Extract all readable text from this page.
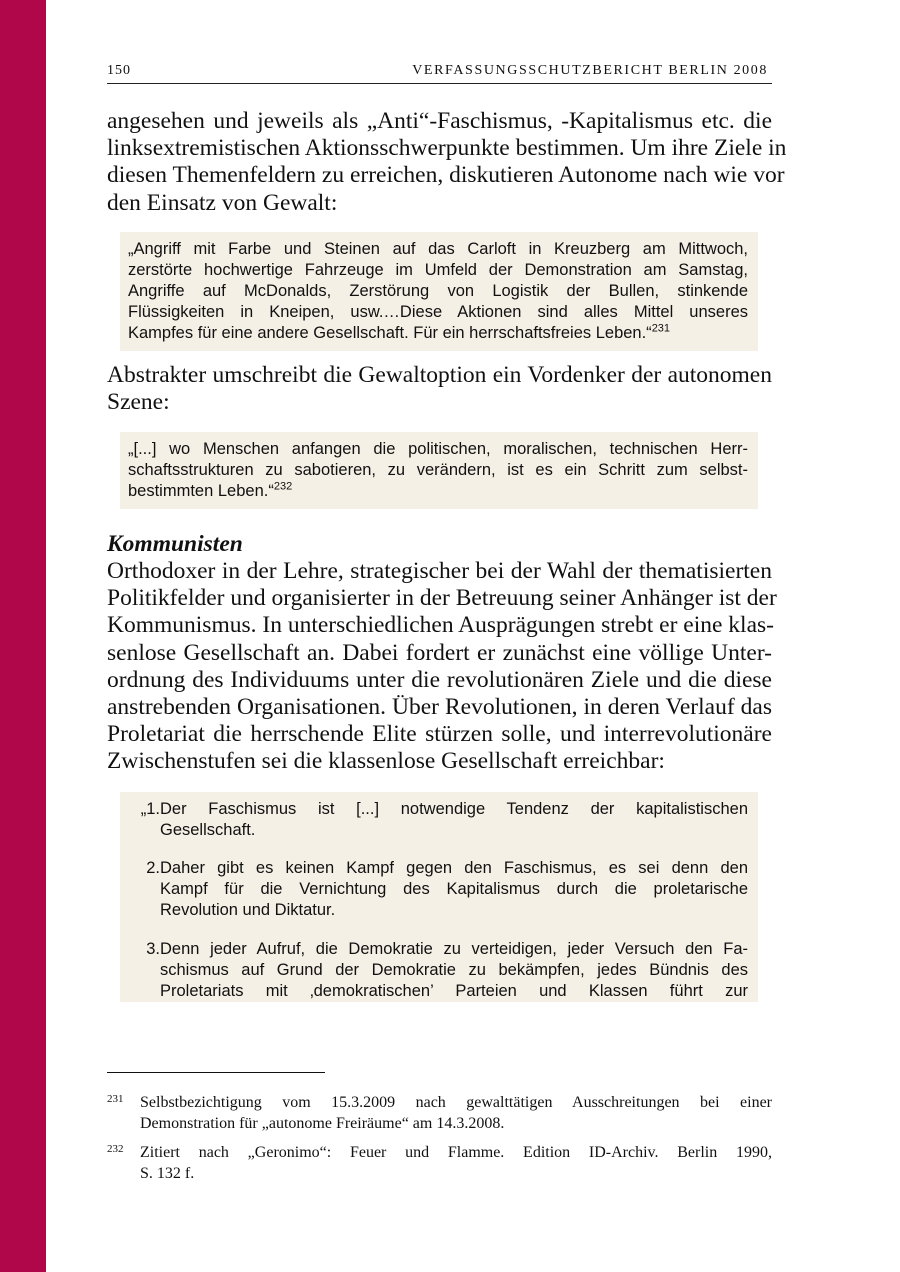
150	VERFASSUNGSSCHUTZBERICHT BERLIN 2008

angesehen und jeweils als „Anti“-Faschismus, -Kapitalismus etc. die
linksextremistischen Aktionsschwerpunkte bestimmen. Um ihre Ziele in
diesen Themenfeldern zu erreichen, diskutieren Autonome nach wie vor
den Einsatz von Gewalt:

„Angriff mit Farbe und Steinen auf das Carloft in Kreuzberg am Mittwoch,
zerstörte hochwertige Fahrzeuge im Umfeld der Demonstration am Samstag,
Angriffe auf McDonalds, Zerstörung von Logistik der Bullen, stinkende
Flüssigkeiten in Kneipen, usw.…Diese Aktionen sind alles Mittel unseres
Kampfes für eine andere Gesellschaft. Für ein herrschaftsfreies Leben.“$^{231}$

Abstrakter umschreibt die Gewaltoption ein Vordenker der autonomen
Szene:

„[...] wo Menschen anfangen die politischen, moralischen, technischen Herr-
schaftsstrukturen zu sabotieren, zu verändern, ist es ein Schritt zum selbst-
bestimmten Leben.“$^{232}$
Kommunisten

Orthodoxer in der Lehre, strategischer bei der Wahl der thematisierten
Politikfelder und organisierter in der Betreuung seiner Anhänger ist der
Kommunismus. In unterschiedlichen Ausprägungen strebt er eine klas-
senlose Gesellschaft an. Dabei fordert er zunächst eine völlige Unter-
ordnung des Individuums unter die revolutionären Ziele und die diese
anstrebenden Organisationen. Über Revolutionen, in deren Verlauf das
Proletariat die herrschende Elite stürzen solle, und interrevolutionäre
Zwischenstufen sei die klassenlose Gesellschaft erreichbar:

„1. Der Faschismus ist [...] notwendige Tendenz der kapitalistischen
Gesellschaft.
2. Daher gibt es keinen Kampf gegen den Faschismus, es sei denn den
Kampf für die Vernichtung des Kapitalismus durch die proletarische
Revolution und Diktatur.
3. Denn jeder Aufruf, die Demokratie zu verteidigen, jeder Versuch den Fa-
schismus auf Grund der Demokratie zu bekämpfen, jedes Bündnis des
Proletariats mit ‚demokratischen’ Parteien und Klassen führt zur
231 Selbstbezichtigung vom 15.3.2009 nach gewalttätigen Ausschreitungen bei einer
Demonstration für „autonome Freiräume“ am 14.3.2008.
232 Zitiert nach „Geronimo“: Feuer und Flamme. Edition ID-Archiv. Berlin 1990,
S. 132 f.
